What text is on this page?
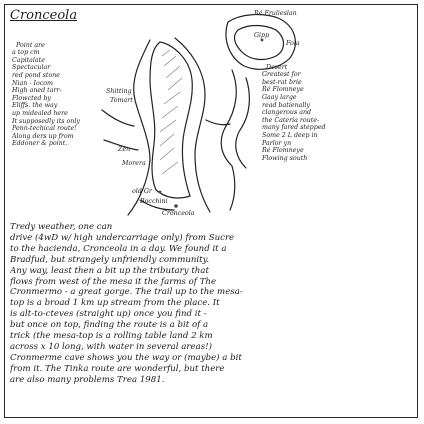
Cronceola

Point are
a top cm
Capitalate
Spectacular
red pond stone
Nian - Iocom
High aned tarr-
Flowcted by
Eliffs. the way
up midealed here
It supposedly its only
Penn-techical route!
Along ders up from
Eddoner & point.

Shitting
Tomart
Zen
Morera
old Gr
Bocchini
Cronceola
Ré Frulieslan
Gipp
Fola

Desert
Greatest for
best-rat brie
Ré Flomneye
Gaay large
read batienally
clangerous and
the Cateria route-
many fared stepped
Some 2 L deep in
Parlor yn
Ré Flomneye
Flowing south

Tredy weather, one can
drive (4wD w/ high undercarriage only) from Sucre
to the hacienda, Cronceola in a day. We found it a
Bradfud, but strangely unfriendly community.
Any way, least then a bit up the tributary that
flows from west of the mesa it the farms of The
Cronmermo - a great gorge. The trail up to the mesa-
top is a broad 1 km up stream from the place. It
is alt-to-cteves (straight up) once you find it -
but once on top, finding the route is a bit of a
trick (the mesa-top is a rolling table land 2 km
across x 10 long, with water in several areas!)
Cronmerme cave shows you the way or (maybe) a bit
from it. The Tinka route are wonderful, but there
are also many problems Trea 1981.
